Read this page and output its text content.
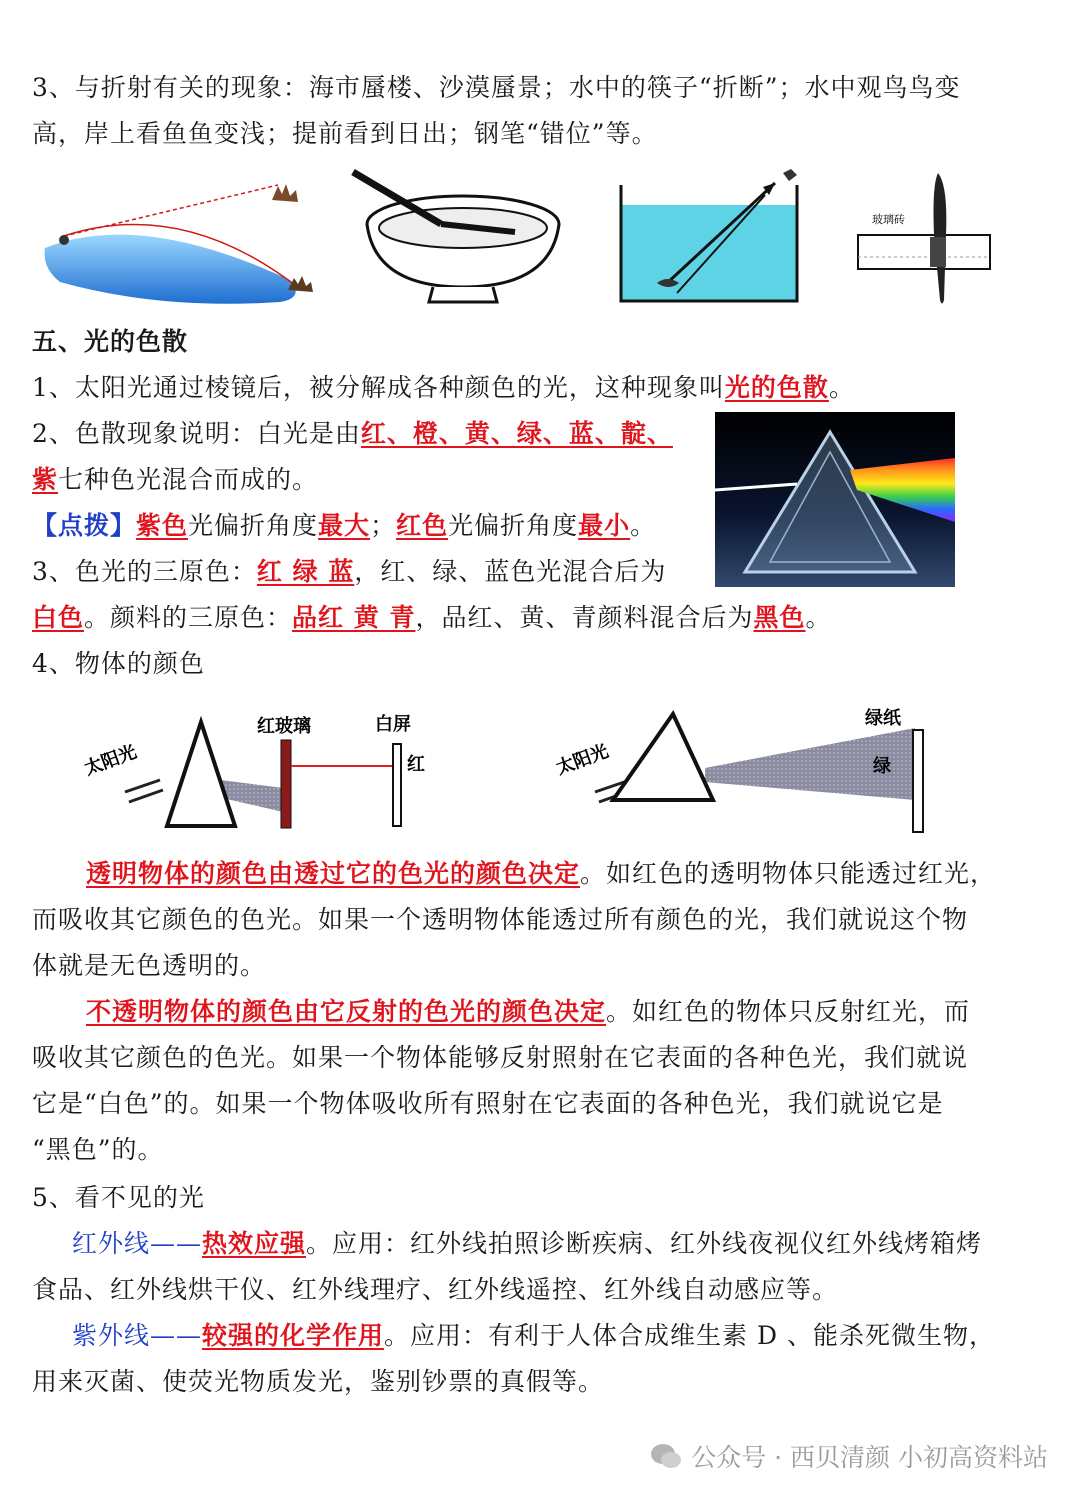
3、与折射有关的现象：海市蜃楼、沙漠蜃景；水中的筷子“折断”；水中观鸟鸟变
高，岸上看鱼鱼变浅；提前看到日出；钢笔“错位”等。
玻璃砖
五、光的色散
1、太阳光通过棱镜后，被分解成各种颜色的光，这种现象叫光的色散。
2、色散现象说明：白光是由红、橙、黄、绿、蓝、靛、
紫七种色光混合而成的。
【点拨】紫色光偏折角度最大；红色光偏折角度最小。
3、色光的三原色：红 绿 蓝，红、绿、蓝色光混合后为
白色。颜料的三原色：品红 黄 青，品红、黄、青颜料混合后为黑色。
4、物体的颜色
太阳光
红玻璃	白屏
红	太阳光
绿纸
绿
透明物体的颜色由透过它的色光的颜色决定。如红色的透明物体只能透过红光，
而吸收其它颜色的色光。如果一个透明物体能透过所有颜色的光，我们就说这个物
体就是无色透明的。
不透明物体的颜色由它反射的色光的颜色决定。如红色的物体只反射红光，而
吸收其它颜色的色光。如果一个物体能够反射照射在它表面的各种色光，我们就说
它是“白色”的。如果一个物体吸收所有照射在它表面的各种色光，我们就说它是
“黑色”的。
5、看不见的光
红外线——热效应强。应用：红外线拍照诊断疾病、红外线夜视仪红外线烤箱烤
食品、红外线烘干仪、红外线理疗、红外线遥控、红外线自动感应等。
紫外线——较强的化学作用。应用：有利于人体合成维生素 D 、能杀死微生物，
用来灭菌、使荧光物质发光，鉴别钞票的真假等。
公众号 · 西贝清颜 小初高资料站
